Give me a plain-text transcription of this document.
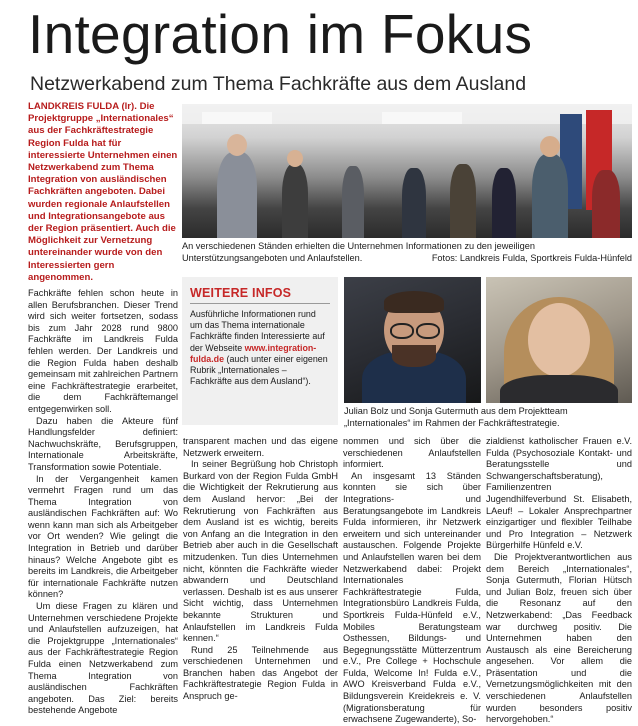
Integration im Fokus
Netzwerkabend zum Thema Fachkräfte aus dem Ausland
LANDKREIS FULDA (lr). Die Projektgruppe „Internationales“ aus der Fachkräftestrategie Region Fulda hat für interessierte Unternehmen einen Netzwerkabend zum Thema Integration von ausländischen Fachkräften angeboten. Dabei wurden regionale Anlaufstellen und Integrationsangebote aus der Region präsentiert. Auch die Möglichkeit zur Vernetzung untereinander wurde von den Interessierten gern angenommen.
An verschiedenen Ständen erhielten die Unternehmen Informationen zu den jeweiligen Unterstützungsangeboten und Anlaufstellen.	Fotos: Landkreis Fulda, Sportkreis Fulda-Hünfeld
WEITERE INFOS
Ausführliche Informationen rund um das Thema internationale Fachkräfte finden Interessierte auf der Webseite www.integration-fulda.de (auch unter einer eigenen Rubrik „Internationales – Fachkräfte aus dem Ausland“).
Julian Bolz und Sonja Gutermuth aus dem Projektteam „Internationales“ im Rahmen der Fachkräftestrategie.

Fachkräfte fehlen schon heute in allen Berufsbranchen. Dieser Trend wird sich weiter fortsetzen, sodass bis zum Jahr 2028 rund 9800 Fachkräfte im Landkreis Fulda fehlen werden. Der Landkreis und die Region Fulda haben deshalb gemeinsam mit zahlreichen Partnern eine Fachkräftestrategie erarbeitet, die dem Fachkräftemangel entgegenwirken soll.

Dazu haben die Akteure fünf Handlungsfelder definiert: Nachwuchskräfte, Berufsgruppen, Internationale Arbeitskräfte, Transformation sowie Potentiale.

In der Vergangenheit kamen vermehrt Fragen rund um das Thema Integration von ausländischen Fachkräften auf: Wo wenn kann man sich als Arbeitgeber vor Ort wenden? Wie gelingt die Integration in Betrieb und darüber hinaus? Welche Angebote gibt es bereits im Landkreis, die Arbeitgeber für internationale Fachkräfte nutzen können?

Um diese Fragen zu klären und Unternehmen verschiedene Projekte und Anlaufstellen aufzuzeigen, hat die Projektgruppe „Internationales“ aus der Fachkräftestrategie Region Fulda einen Netzwerkabend zum Thema Integration von ausländischen Fachkräften angeboten. Das Ziel: bereits bestehende Angebote

transparent machen und das eigene Netzwerk erweitern.

In seiner Begrüßung hob Christoph Burkard von der Region Fulda GmbH die Wichtigkeit der Rekrutierung aus dem Ausland hervor: „Bei der Rekrutierung von Fachkräften aus dem Ausland ist es wichtig, bereits von Anfang an die Integration in den Betrieb aber auch in die Gesellschaft mitzudenken. Tun dies Unternehmen nicht, könnten die Fachkräfte wieder abwandern und Deutschland verlassen. Deshalb ist es aus unserer Sicht wichtig, dass Unternehmen bekannte Strukturen und Anlaufstellen im Landkreis Fulda kennen.“

Rund 25 Teilnehmende aus verschiedenen Unternehmen und Branchen haben das Angebot der Fachkräftestrategie Region Fulda in Anspruch ge-

nommen und sich über die verschiedenen Anlaufstellen informiert.

An insgesamt 13 Ständen konnten sie sich über Integrations- und Beratungsangebote im Landkreis Fulda informieren, ihr Netzwerk erweitern und sich untereinander austauschen. Folgende Projekte und Anlaufstellen waren bei dem Netzwerkabend dabei: Projekt Internationales Fachkräftestrategie Fulda, Integrationsbüro Landkreis Fulda, Sportkreis Fulda-Hünfeld e.V., Mobiles Beratungsteam Osthessen, Bildungs- und Begegnungsstätte Mütterzentrum e.V., Pre College + Hochschule Fulda, Welcome In! Fulda e.V., AWO Kreisverband Fulda e.V., Bildungsverein Kreidekreis e. V. (Migrationsberatung für erwachsene Zugewanderte), So-

zialdienst katholischer Frauen e.V. Fulda (Psychosoziale Kontakt- und Beratungsstelle und Schwangerschaftsberatung), Familienzentren Jugendhilfeverbund St. Elisabeth, LAeuf! – Lokaler Ansprechpartner einzigartiger und flexibler Teilhabe und Pro Integration – Netzwerk Bürgerhilfe Hünfeld e.V.

Die Projektverantwortlichen aus dem Bereich „Internationales“, Sonja Gutermuth, Florian Hütsch und Julian Bolz, freuen sich über die Resonanz auf den Netzwerkabend: „Das Feedback war durchweg positiv. Die Unternehmen haben den Austausch als eine Bereicherung angesehen. Vor allem die Präsentation und die Vernetzungsmöglichkeiten mit den verschiedenen Anlaufstellen wurden besonders positiv hervorgehoben.“
